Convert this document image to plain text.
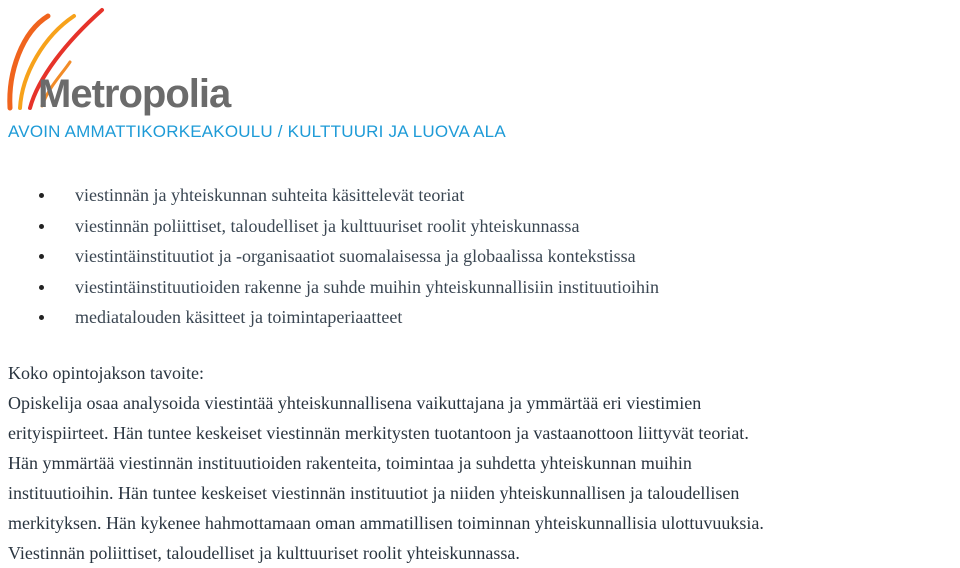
Metropolia
AVOIN AMMATTIKORKEAKOULU / KULTTUURI JA LUOVA ALA
viestinnän ja yhteiskunnan suhteita käsittelevät teoriat
viestinnän poliittiset, taloudelliset ja kulttuuriset roolit yhteiskunnassa
viestintäinstituutiot ja -organisaatiot suomalaisessa ja globaalissa kontekstissa
viestintäinstituutioiden rakenne ja suhde muihin yhteiskunnallisiin instituutioihin
mediatalouden käsitteet ja toimintaperiaatteet

Koko opintojakson tavoite:

Opiskelija osaa analysoida viestintää yhteiskunnallisena vaikuttajana ja ymmärtää eri viestimien

erityispiirteet. Hän tuntee keskeiset viestinnän merkitysten tuotantoon ja vastaanottoon liittyvät teoriat.

Hän ymmärtää viestinnän instituutioiden rakenteita, toimintaa ja suhdetta yhteiskunnan muihin

instituutioihin. Hän tuntee keskeiset viestinnän instituutiot ja niiden yhteiskunnallisen ja taloudellisen

merkityksen. Hän kykenee hahmottamaan oman ammatillisen toiminnan yhteiskunnallisia ulottuvuuksia.

Viestinnän poliittiset, taloudelliset ja kulttuuriset roolit yhteiskunnassa.
